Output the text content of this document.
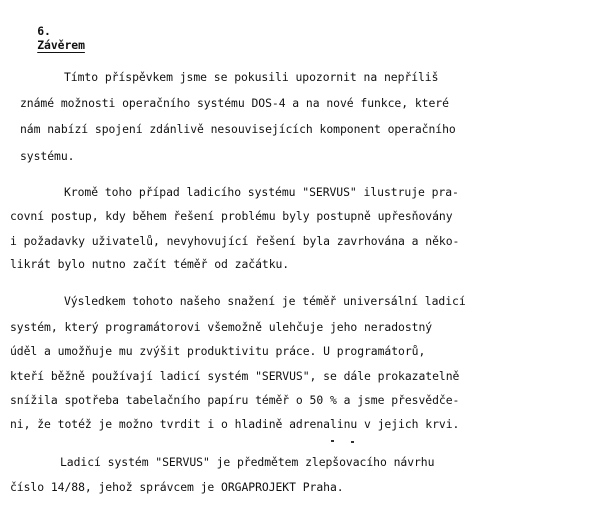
6.
Závěrem

Tímto příspěvkem jsme se pokusili upozornit na nepříliš
známé možnosti operačního systému DOS-4 a na nové funkce, které
nám nabízí spojení zdánlivě nesouvisejících komponent operačního
systému.
Kromě toho případ ladicího systému "SERVUS" ilustruje pra-
covní postup, kdy během řešení problému byly postupně upřesňovány
i požadavky uživatelů, nevyhovující řešení byla zavrhována a něko-
likrát bylo nutno začít téměř od začátku.
Výsledkem tohoto našeho snažení je téměř universální ladicí
systém, který programátorovi všemožně ulehčuje jeho neradostný
úděl a umožňuje mu zvýšit produktivitu práce. U programátorů,
kteří běžně používají ladicí systém "SERVUS", se dále prokazatelně
snížila spotřeba tabelačního papíru téměř o 50 % a jsme přesvědče-
ni, že totéž je možno tvrdit i o hladině adrenalinu v jejich krvi.
Ladicí systém "SERVUS" je předmětem zlepšovacího návrhu
číslo 14/88, jehož správcem je ORGAPROJEKT Praha.
